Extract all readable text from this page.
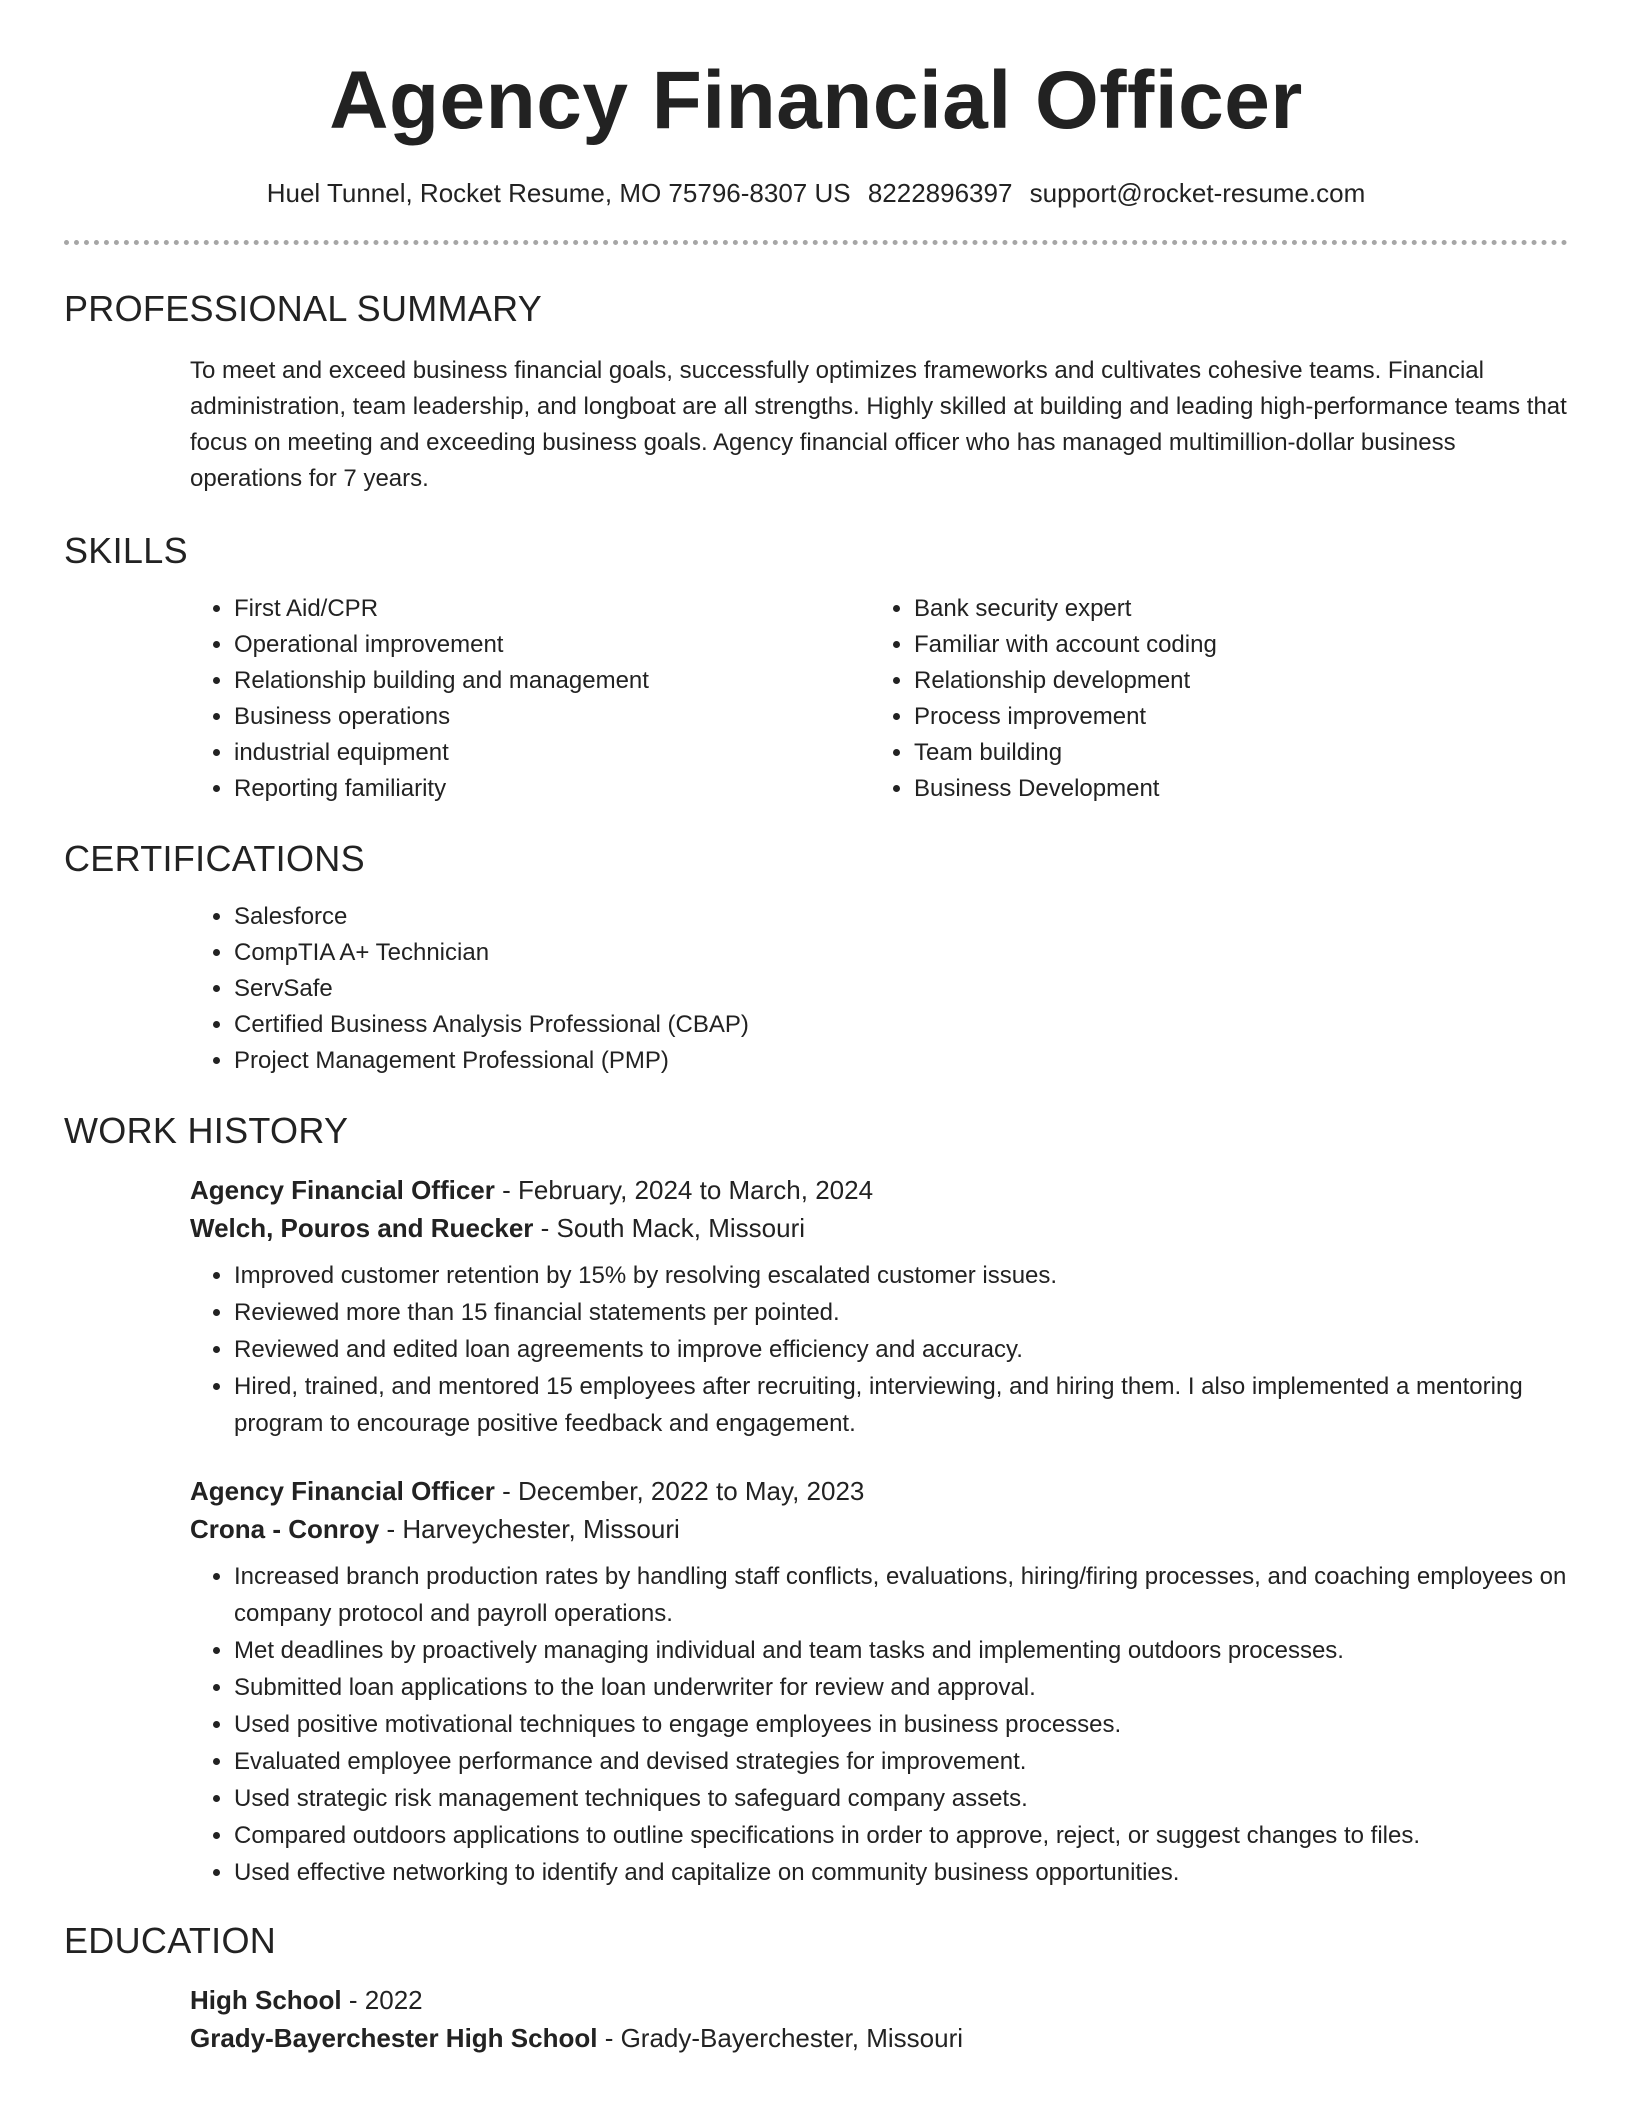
Agency Financial Officer
Huel Tunnel, Rocket Resume, MO 75796-8307 US 8222896397 support@rocket-resume.com
PROFESSIONAL SUMMARY

To meet and exceed business financial goals, successfully optimizes frameworks and cultivates cohesive teams. Financial administration, team leadership, and longboat are all strengths. Highly skilled at building and leading high-performance teams that focus on meeting and exceeding business goals. Agency financial officer who has managed multimillion-dollar business operations for 7 years.

SKILLS
• First Aid/CPR
• Operational improvement
• Relationship building and management
• Business operations
• industrial equipment
• Reporting familiarity
• Bank security expert
• Familiar with account coding
• Relationship development
• Process improvement
• Team building
• Business Development
CERTIFICATIONS
• Salesforce
• CompTIA A+ Technician
• ServSafe
• Certified Business Analysis Professional (CBAP)
• Project Management Professional (PMP)
WORK HISTORY
Agency Financial Officer - February, 2024 to March, 2024
Welch, Pouros and Ruecker - South Mack, Missouri
• Improved customer retention by 15% by resolving escalated customer issues.
• Reviewed more than 15 financial statements per pointed.
• Reviewed and edited loan agreements to improve efficiency and accuracy.
• Hired, trained, and mentored 15 employees after recruiting, interviewing, and hiring them. I also implemented a mentoring program to encourage positive feedback and engagement.
Agency Financial Officer - December, 2022 to May, 2023
Crona - Conroy - Harveychester, Missouri
• Increased branch production rates by handling staff conflicts, evaluations, hiring/firing processes, and coaching employees on company protocol and payroll operations.
• Met deadlines by proactively managing individual and team tasks and implementing outdoors processes.
• Submitted loan applications to the loan underwriter for review and approval.
• Used positive motivational techniques to engage employees in business processes.
• Evaluated employee performance and devised strategies for improvement.
• Used strategic risk management techniques to safeguard company assets.
• Compared outdoors applications to outline specifications in order to approve, reject, or suggest changes to files.
• Used effective networking to identify and capitalize on community business opportunities.
EDUCATION
High School - 2022
Grady-Bayerchester High School - Grady-Bayerchester, Missouri
